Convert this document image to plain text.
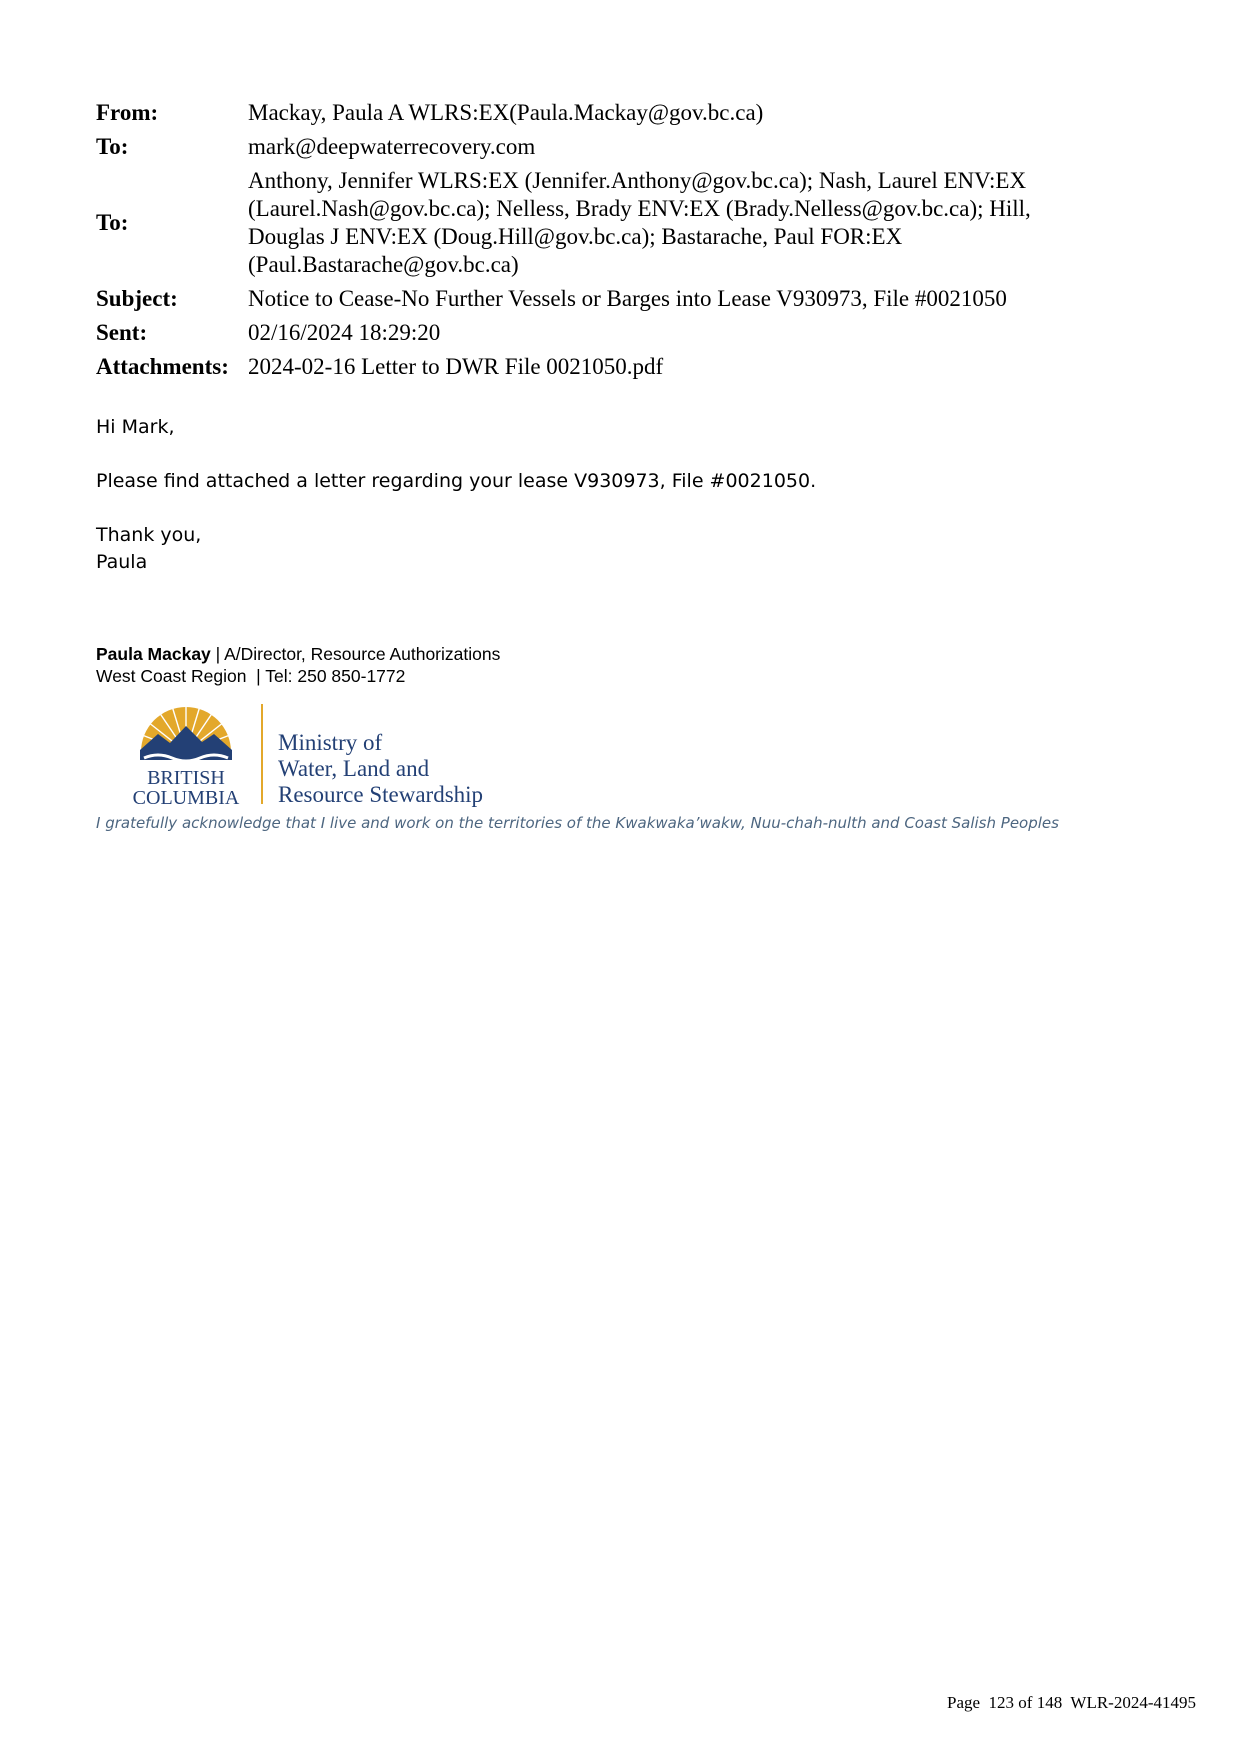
From:	Mackay, Paula A WLRS:EX(Paula.Mackay@gov.bc.ca)
To:	mark@deepwaterrecovery.com
To:	Anthony, Jennifer WLRS:EX (Jennifer.Anthony@gov.bc.ca); Nash, Laurel ENV:EX
(Laurel.Nash@gov.bc.ca); Nelless, Brady ENV:EX (Brady.Nelless@gov.bc.ca); Hill,
Douglas J ENV:EX (Doug.Hill@gov.bc.ca); Bastarache, Paul FOR:EX
(Paul.Bastarache@gov.bc.ca)

Subject:	Notice to Cease-No Further Vessels or Barges into Lease V930973, File #0021050
Sent:	02/16/2024 18:29:20
Attachments:	2024-02-16 Letter to DWR File 0021050.pdf

Hi Mark,

Please find attached a letter regarding your lease V930973, File #0021050.

Thank you,

Paula

Paula Mackay | A/Director, Resource Authorizations
West Coast Region  | Tel: 250 850-1772
BRITISH
COLUMBIA
Ministry of
Water, Land and
Resource Stewardship
I gratefully acknowledge that I live and work on the territories of the Kwakwaka’wakw, Nuu-chah-nulth and Coast Salish Peoples
Page  123 of 148  WLR-2024-41495
